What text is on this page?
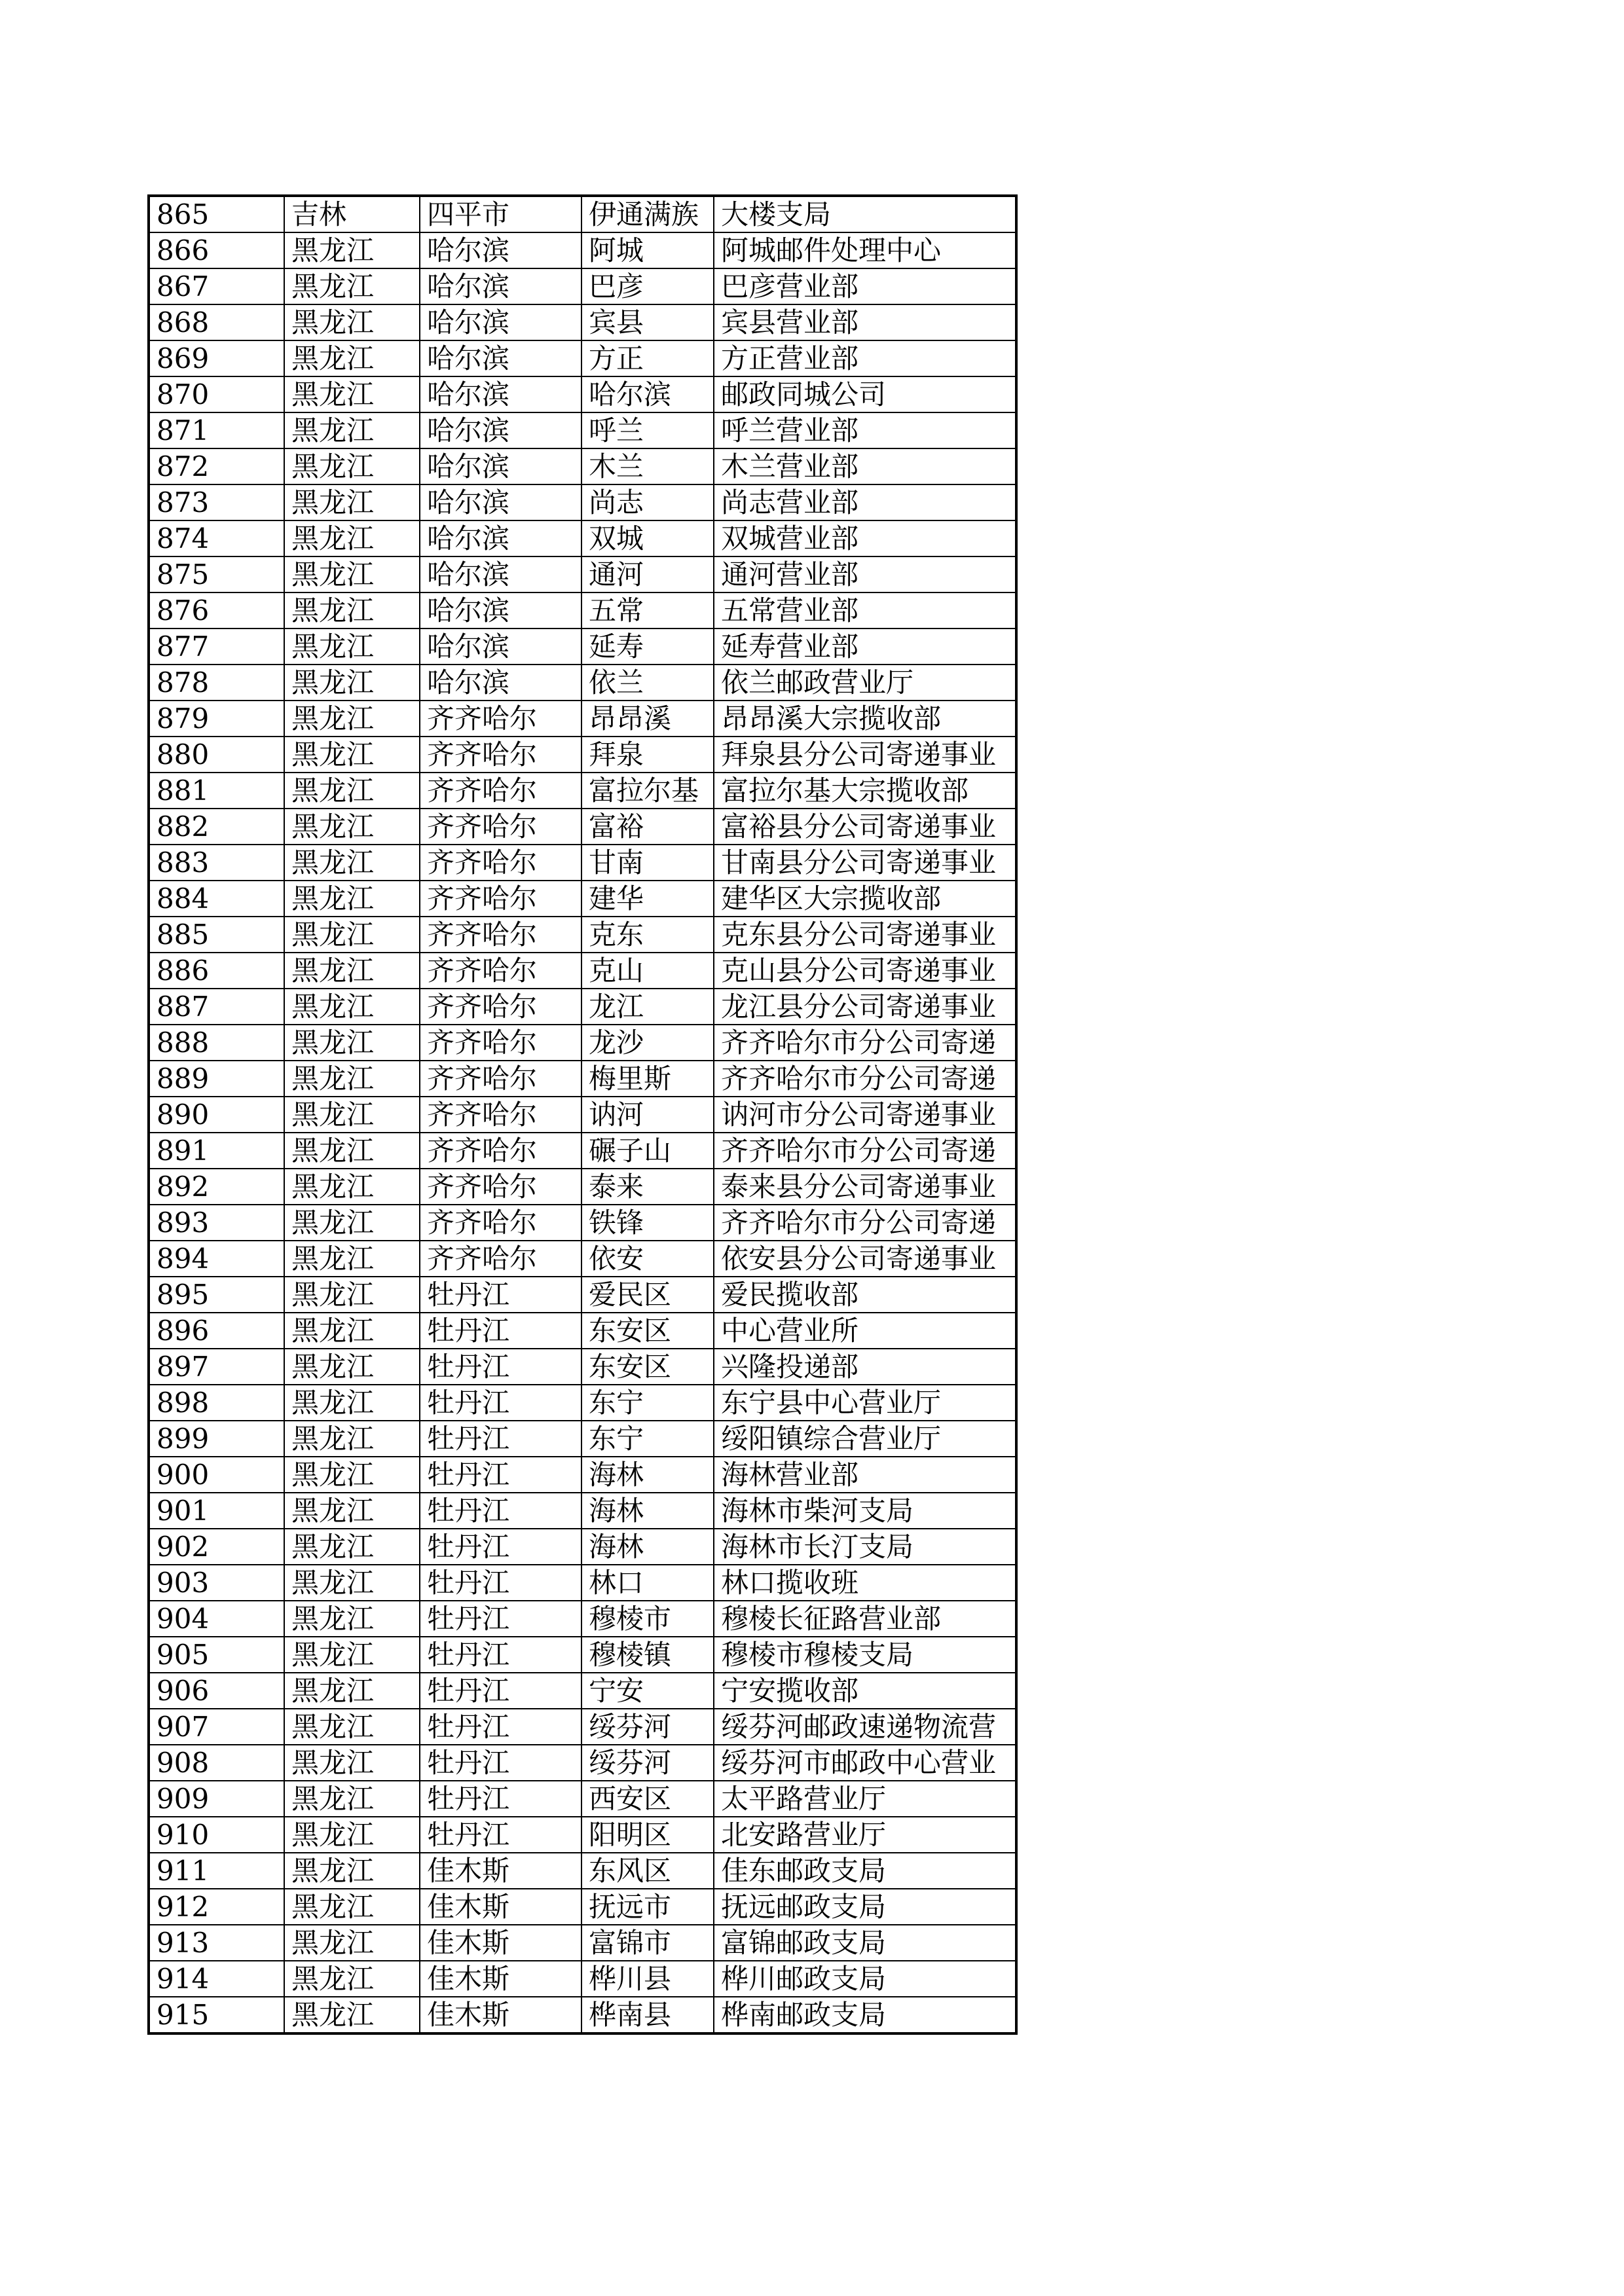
865	吉林	四平市	伊通满族	大楼支局
866	黑龙江	哈尔滨	阿城	阿城邮件处理中心
867	黑龙江	哈尔滨	巴彦	巴彦营业部
868	黑龙江	哈尔滨	宾县	宾县营业部
869	黑龙江	哈尔滨	方正	方正营业部
870	黑龙江	哈尔滨	哈尔滨	邮政同城公司
871	黑龙江	哈尔滨	呼兰	呼兰营业部
872	黑龙江	哈尔滨	木兰	木兰营业部
873	黑龙江	哈尔滨	尚志	尚志营业部
874	黑龙江	哈尔滨	双城	双城营业部
875	黑龙江	哈尔滨	通河	通河营业部
876	黑龙江	哈尔滨	五常	五常营业部
877	黑龙江	哈尔滨	延寿	延寿营业部
878	黑龙江	哈尔滨	依兰	依兰邮政营业厅
879	黑龙江	齐齐哈尔	昂昂溪	昂昂溪大宗揽收部
880	黑龙江	齐齐哈尔	拜泉	拜泉县分公司寄递事业
881	黑龙江	齐齐哈尔	富拉尔基	富拉尔基大宗揽收部
882	黑龙江	齐齐哈尔	富裕	富裕县分公司寄递事业
883	黑龙江	齐齐哈尔	甘南	甘南县分公司寄递事业
884	黑龙江	齐齐哈尔	建华	建华区大宗揽收部
885	黑龙江	齐齐哈尔	克东	克东县分公司寄递事业
886	黑龙江	齐齐哈尔	克山	克山县分公司寄递事业
887	黑龙江	齐齐哈尔	龙江	龙江县分公司寄递事业
888	黑龙江	齐齐哈尔	龙沙	齐齐哈尔市分公司寄递
889	黑龙江	齐齐哈尔	梅里斯	齐齐哈尔市分公司寄递
890	黑龙江	齐齐哈尔	讷河	讷河市分公司寄递事业
891	黑龙江	齐齐哈尔	碾子山	齐齐哈尔市分公司寄递
892	黑龙江	齐齐哈尔	泰来	泰来县分公司寄递事业
893	黑龙江	齐齐哈尔	铁锋	齐齐哈尔市分公司寄递
894	黑龙江	齐齐哈尔	依安	依安县分公司寄递事业
895	黑龙江	牡丹江	爱民区	爱民揽收部
896	黑龙江	牡丹江	东安区	中心营业所
897	黑龙江	牡丹江	东安区	兴隆投递部
898	黑龙江	牡丹江	东宁	东宁县中心营业厅
899	黑龙江	牡丹江	东宁	绥阳镇综合营业厅
900	黑龙江	牡丹江	海林	海林营业部
901	黑龙江	牡丹江	海林	海林市柴河支局
902	黑龙江	牡丹江	海林	海林市长汀支局
903	黑龙江	牡丹江	林口	林口揽收班
904	黑龙江	牡丹江	穆棱市	穆棱长征路营业部
905	黑龙江	牡丹江	穆棱镇	穆棱市穆棱支局
906	黑龙江	牡丹江	宁安	宁安揽收部
907	黑龙江	牡丹江	绥芬河	绥芬河邮政速递物流营
908	黑龙江	牡丹江	绥芬河	绥芬河市邮政中心营业
909	黑龙江	牡丹江	西安区	太平路营业厅
910	黑龙江	牡丹江	阳明区	北安路营业厅
911	黑龙江	佳木斯	东风区	佳东邮政支局
912	黑龙江	佳木斯	抚远市	抚远邮政支局
913	黑龙江	佳木斯	富锦市	富锦邮政支局
914	黑龙江	佳木斯	桦川县	桦川邮政支局
915	黑龙江	佳木斯	桦南县	桦南邮政支局
